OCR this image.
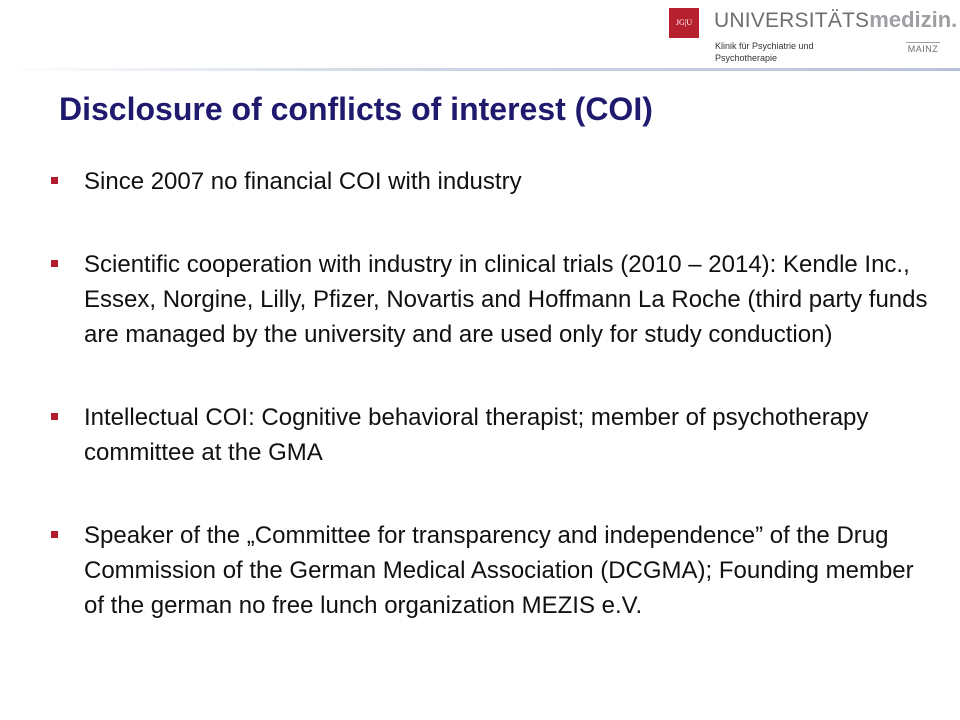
JG|U	UNIVERSITÄTSmedizin.
Klinik für Psychiatrie und
Psychotherapie
MAINZ
Disclosure of conflicts of interest (COI)
Since 2007 no financial COI with industry
Scientific cooperation with industry in clinical trials (2010 – 2014): Kendle Inc., Essex, Norgine, Lilly, Pfizer, Novartis and Hoffmann La Roche (third party funds are managed by the university and are used only for study conduction)
Intellectual COI: Cognitive behavioral therapist; member of psychotherapy committee at the GMA
Speaker of the „Committee for transparency and independence” of the Drug Commission of the German Medical Association (DCGMA); Founding member of the german no free lunch organization MEZIS e.V.
